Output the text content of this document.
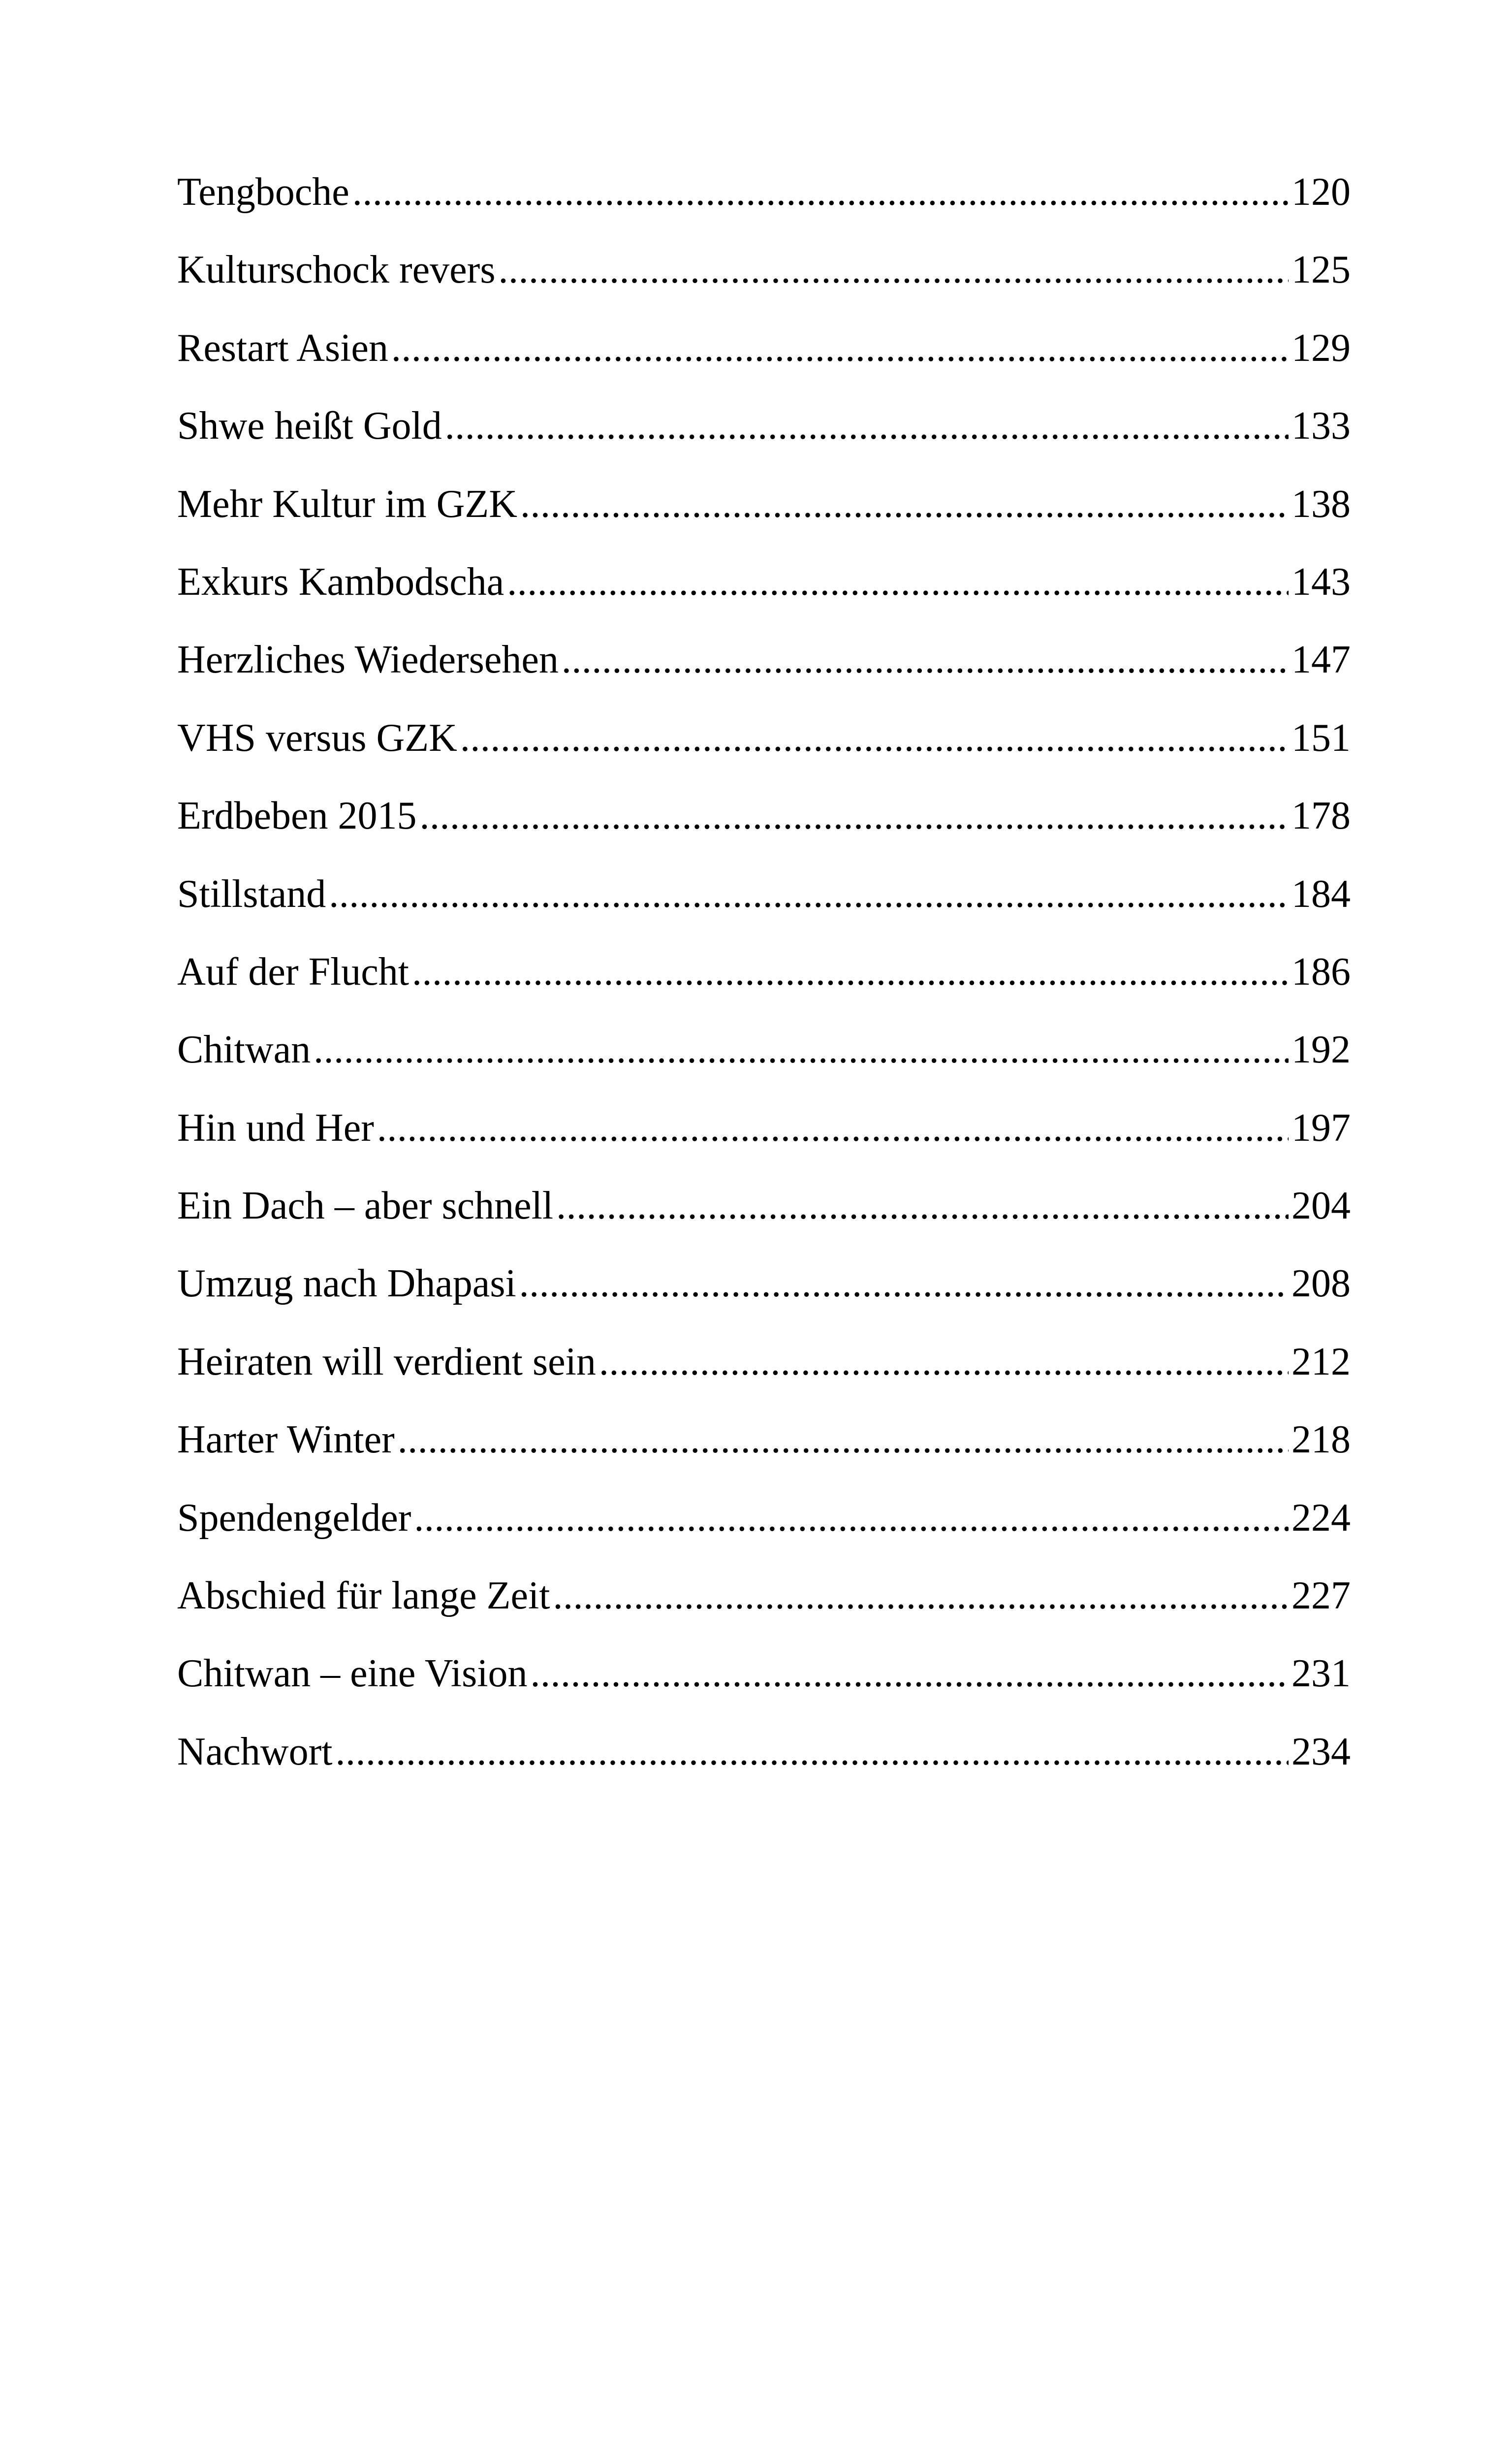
Tengboche .....	120
Kulturschock revers .....	125
Restart Asien .....	129
Shwe heißt Gold .....	133
Mehr Kultur im GZK .....	138
Exkurs Kambodscha .....	143
Herzliches Wiedersehen .....	147
VHS versus GZK .....	151
Erdbeben 2015 .....	178
Stillstand .....	184
Auf der Flucht .....	186
Chitwan .....	192
Hin und Her .....	197
Ein Dach – aber schnell .....	204
Umzug nach Dhapasi .....	208
Heiraten will verdient sein .....	212
Harter Winter .....	218
Spendengelder .....	224
Abschied für lange Zeit .....	227
Chitwan – eine Vision .....	231
Nachwort .....	234
